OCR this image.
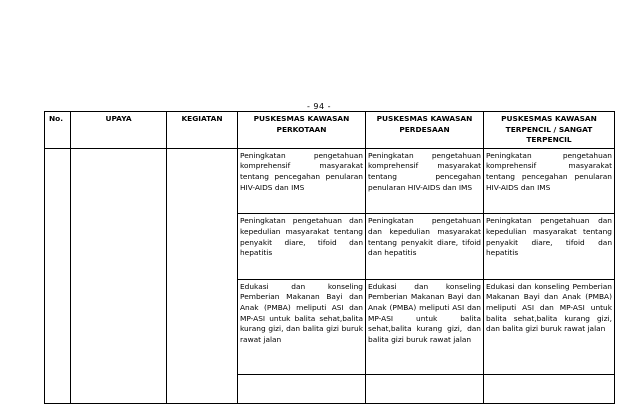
- 94 -
No.	UPAYA	KEGIATAN	PUSKESMAS KAWASAN PERKOTAAN	PUSKESMAS KAWASAN PERDESAAN	PUSKESMAS KAWASAN TERPENCIL / SANGAT TERPENCIL
			Peningkatan pengetahuan komprehensif masyarakat tentang pencegahan penularan HIV-AIDS dan IMS	Peningkatan pengetahuan komprehensif masyarakat tentang pencegahan penularan HIV-AIDS dan IMS	Peningkatan pengetahuan komprehensif masyarakat tentang pencegahan penularan HIV-AIDS dan IMS
			Peningkatan pengetahuan dan kepedulian masyarakat tentang penyakit diare, tifoid dan hepatitis	Peningkatan pengetahuan dan kepedulian masyarakat tentang penyakit diare, tifoid dan hepatitis	Peningkatan pengetahuan dan kepedulian masyarakat tentang penyakit diare, tifoid dan hepatitis
			Edukasi dan konseling Pemberian Makanan Bayi dan Anak (PMBA) meliputi ASI dan MP-ASI untuk balita sehat,balita kurang gizi, dan balita gizi buruk rawat jalan	Edukasi dan konseling Pemberian Makanan Bayi dan Anak (PMBA) meliputi ASI dan MP-ASI untuk balita sehat,balita kurang gizi, dan balita gizi buruk rawat jalan	Edukasi dan konseling Pemberian Makanan Bayi dan Anak (PMBA) meliputi ASI dan MP-ASI untuk balita sehat,balita kurang gizi, dan balita gizi buruk rawat jalan
